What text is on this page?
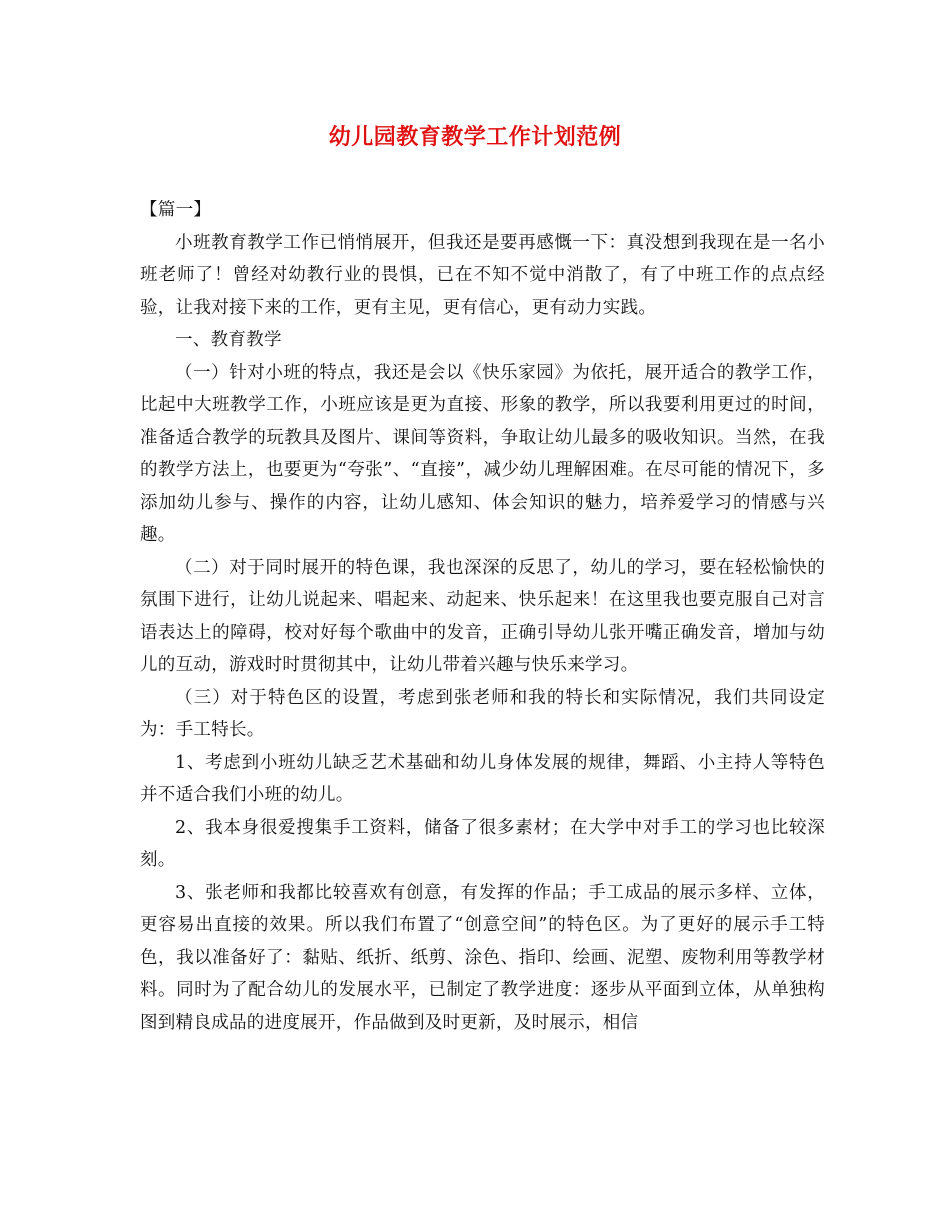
幼儿园教育教学工作计划范例

【篇一】

小班教育教学工作已悄悄展开，但我还是要再感慨一下：真没想到我现在是一名小班老师了！曾经对幼教行业的畏惧，已在不知不觉中消散了，有了中班工作的点点经验，让我对接下来的工作，更有主见，更有信心，更有动力实践。

一、教育教学

（一）针对小班的特点，我还是会以《快乐家园》为依托，展开适合的教学工作，比起中大班教学工作，小班应该是更为直接、形象的教学，所以我要利用更过的时间，准备适合教学的玩教具及图片、课间等资料，争取让幼儿最多的吸收知识。当然，在我的教学方法上，也要更为“夸张”、“直接”，减少幼儿理解困难。在尽可能的情况下，多添加幼儿参与、操作的内容，让幼儿感知、体会知识的魅力，培养爱学习的情感与兴趣。

（二）对于同时展开的特色课，我也深深的反思了，幼儿的学习，要在轻松愉快的氛围下进行，让幼儿说起来、唱起来、动起来、快乐起来！在这里我也要克服自己对言语表达上的障碍，校对好每个歌曲中的发音，正确引导幼儿张开嘴正确发音，增加与幼儿的互动，游戏时时贯彻其中，让幼儿带着兴趣与快乐来学习。

（三）对于特色区的设置，考虑到张老师和我的特长和实际情况，我们共同设定为：手工特长。

1、考虑到小班幼儿缺乏艺术基础和幼儿身体发展的规律，舞蹈、小主持人等特色并不适合我们小班的幼儿。

2、我本身很爱搜集手工资料，储备了很多素材；在大学中对手工的学习也比较深刻。

3、张老师和我都比较喜欢有创意，有发挥的作品；手工成品的展示多样、立体，更容易出直接的效果。所以我们布置了“创意空间”的特色区。为了更好的展示手工特色，我以准备好了：黏贴、纸折、纸剪、涂色、指印、绘画、泥塑、废物利用等教学材料。同时为了配合幼儿的发展水平，已制定了教学进度：逐步从平面到立体，从单独构图到精良成品的进度展开，作品做到及时更新，及时展示，相信
